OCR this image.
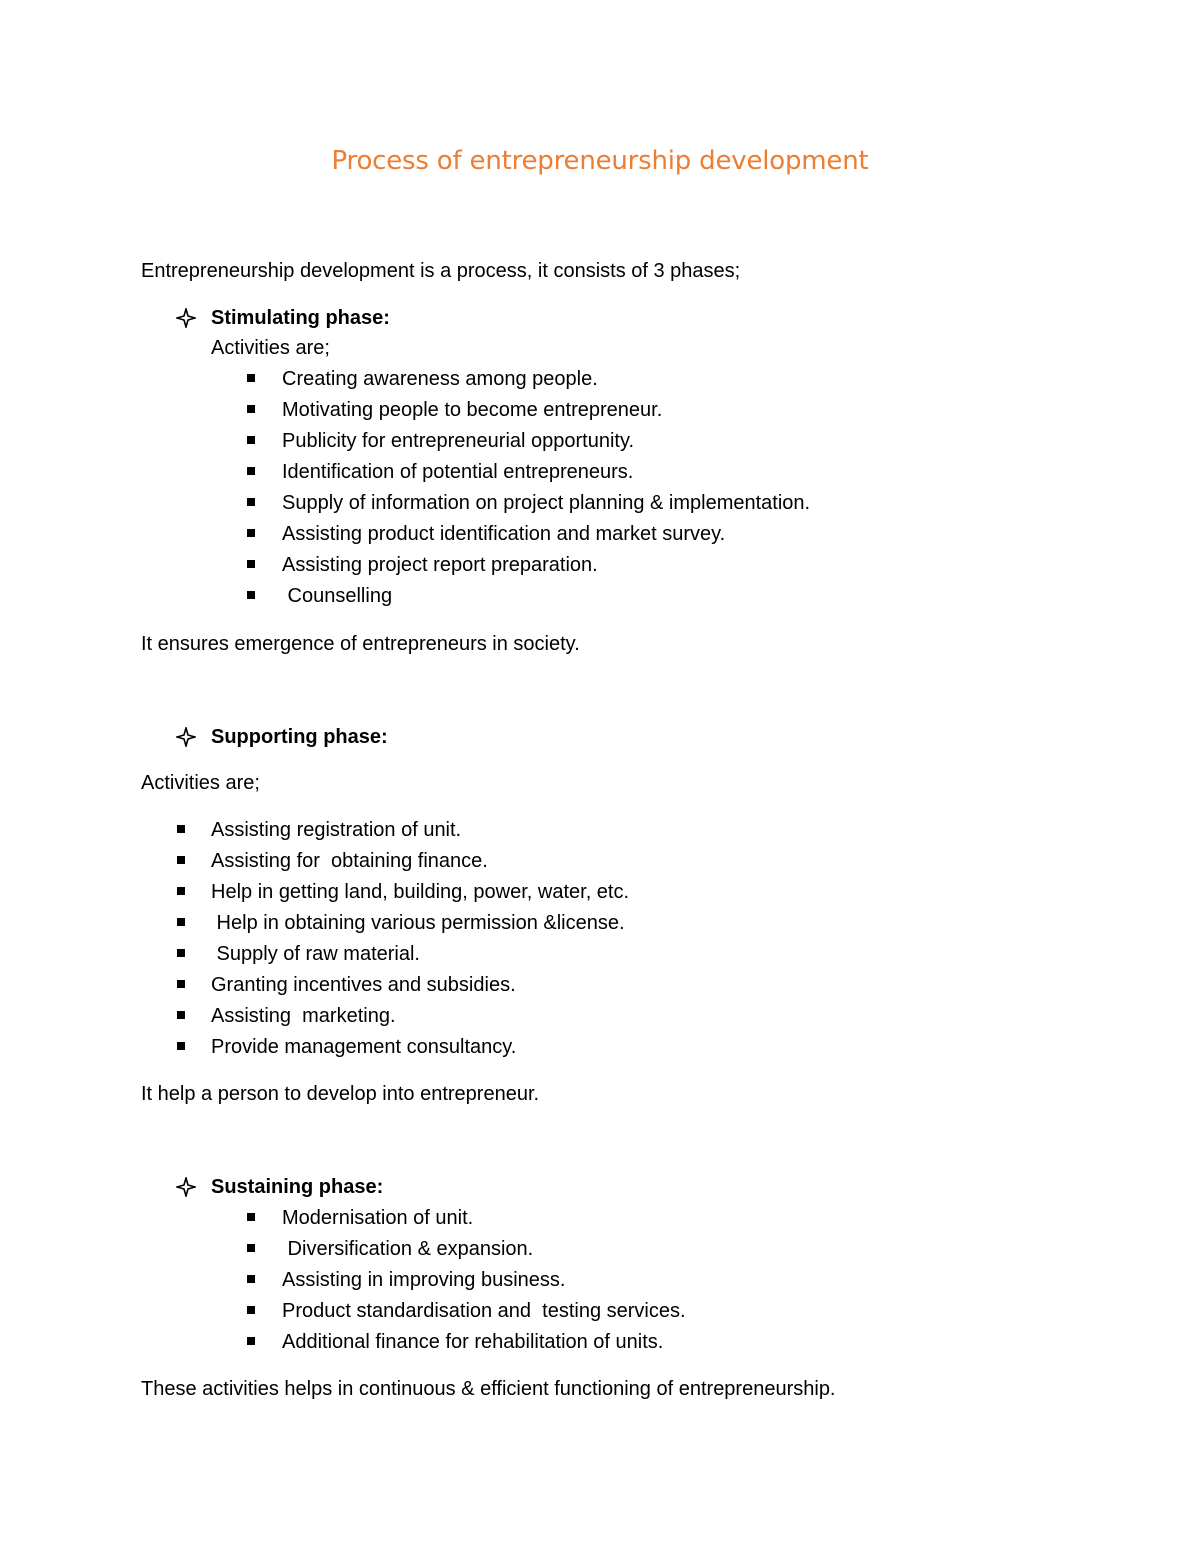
Process of entrepreneurship development
Entrepreneurship development is a process, it consists of 3 phases;
Stimulating phase:
Activities are;
Creating awareness among people.
Motivating people to become entrepreneur.
Publicity for entrepreneurial opportunity.
Identification of potential entrepreneurs.
Supply of information on project planning & implementation.
Assisting product identification and market survey.
Assisting project report preparation.
Counselling
It ensures emergence of entrepreneurs in society.
Supporting phase:
Activities are;
Assisting registration of unit.
Assisting for  obtaining finance.
Help in getting land, building, power, water, etc.
Help in obtaining various permission &license.
Supply of raw material.
Granting incentives and subsidies.
Assisting  marketing.
Provide management consultancy.
It help a person to develop into entrepreneur.
Sustaining phase:
Modernisation of unit.
Diversification & expansion.
Assisting in improving business.
Product standardisation and  testing services.
Additional finance for rehabilitation of units.
These activities helps in continuous & efficient functioning of entrepreneurship.
